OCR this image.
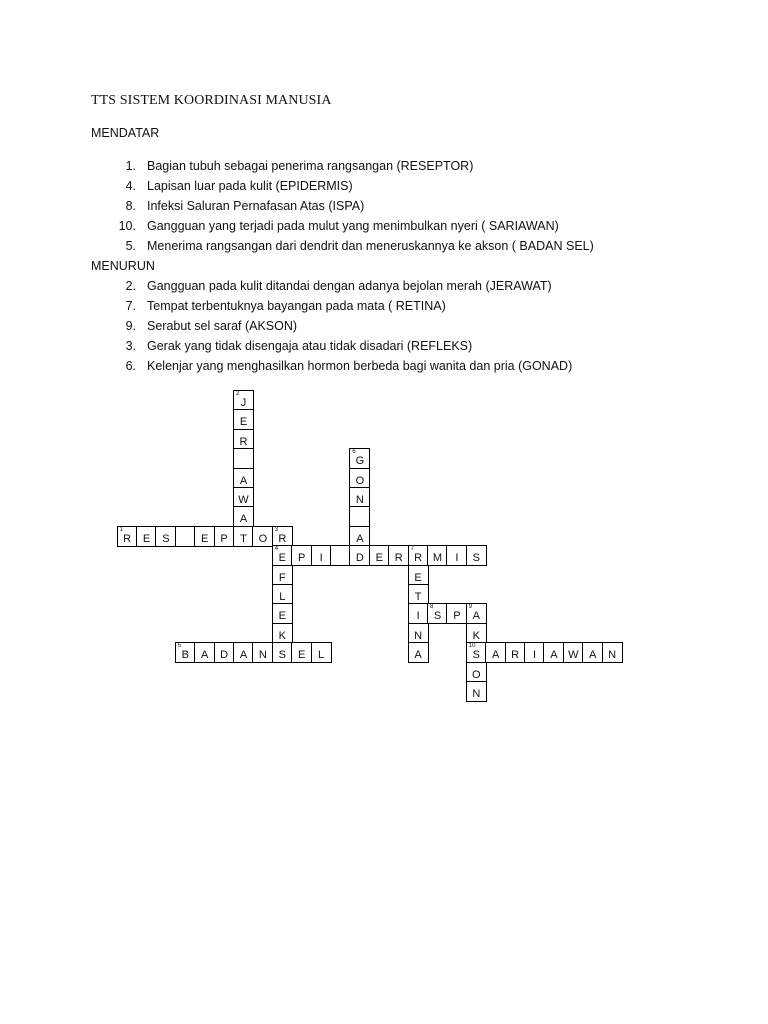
TTS SISTEM KOORDINASI MANUSIA
MENDATAR
1. Bagian tubuh sebagai penerima rangsangan (RESEPTOR)
4. Lapisan luar pada kulit (EPIDERMIS)
8. Infeksi Saluran Pernafasan Atas (ISPA)
10. Gangguan yang terjadi pada mulut yang menimbulkan nyeri ( SARIAWAN)
5. Menerima rangsangan dari dendrit dan meneruskannya ke akson ( BADAN SEL)
MENURUN
2. Gangguan pada kulit ditandai dengan adanya bejolan merah (JERAWAT)
7. Tempat terbentuknya bayangan pada mata ( RETINA)
9. Serabut sel saraf (AKSON)
3. Gerak yang tidak disengaja atau tidak disadari (REFLEKS)
6. Kelenjar yang menghasilkan hormon berbeda bagi wanita dan pria (GONAD)
2
J
E
R
A
W
A
1
R	E	S	E	P	T	O
3
R
6
G
O
N
A
4
E	P	I	D	E	R
7
R M	I	S
F
L
E
K
E
T
I
N
A
8
S	P
9
A
K
10
S
O
N
A	R	I	A W A	N
5
B	A	D	A	N	S	E	L
